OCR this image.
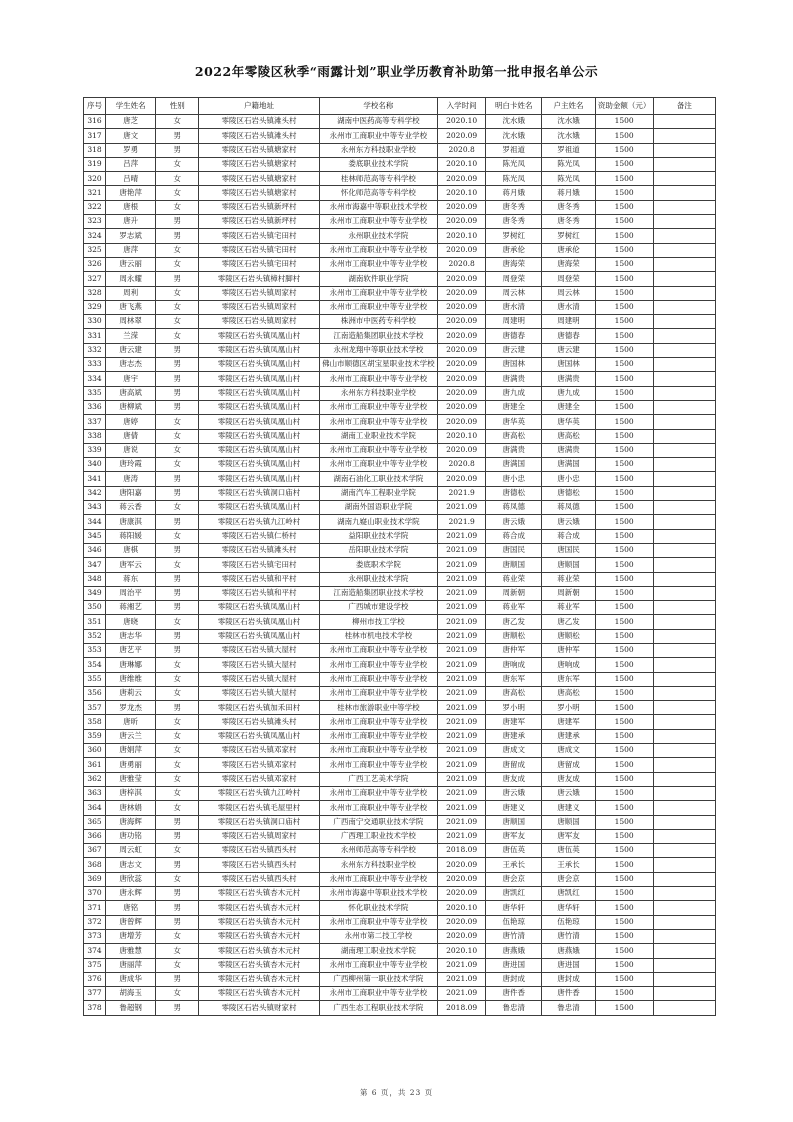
2022年零陵区秋季“雨露计划”职业学历教育补助第一批申报名单公示
序号	学生姓名	性别	户籍地址	学校名称	入学时间	明白卡姓名	户主姓名	资助金额（元）	备注
316	唐芝	女	零陵区石岩头镇滩头村	湖南中医药高等专科学校	2020.10	沈水娥	沈水娥	1500	
317	唐文	男	零陵区石岩头镇滩头村	永州市工商职业中等专业学校	2020.09	沈水娥	沈水娥	1500	
318	罗勇	男	零陵区石岩头镇塘家村	永州东方科技职业学校	2020.8	罗祖道	罗祖道	1500	
319	吕萍	女	零陵区石岩头镇塘家村	娄底职业技术学院	2020.10	陈光凤	陈光凤	1500	
320	吕晴	女	零陵区石岩头镇塘家村	桂林师范高等专科学校	2020.09	陈光凤	陈光凤	1500	
321	唐艳萍	女	零陵区石岩头镇塘家村	怀化师范高等专科学校	2020.10	蒋月娥	蒋月娥	1500	
322	唐根	女	零陵区石岩头镇新坪村	永州市海嘉中等职业技术学校	2020.09	唐冬秀	唐冬秀	1500	
323	唐升	男	零陵区石岩头镇新坪村	永州市工商职业中等专业学校	2020.09	唐冬秀	唐冬秀	1500	
324	罗志斌	男	零陵区石岩头镇宅田村	永州职业技术学院	2020.10	罗树红	罗树红	1500	
325	唐萍	女	零陵区石岩头镇宅田村	永州市工商职业中等专业学校	2020.09	唐承伦	唐承伦	1500	
326	唐云丽	女	零陵区石岩头镇宅田村	永州市工商职业中等专业学校	2020.8	唐海荣	唐海荣	1500	
327	周永耀	男	零陵区石岩头镇樟村脚村	湖南软件职业学院	2020.09	周登荣	周登荣	1500	
328	周利	女	零陵区石岩头镇周家村	永州市工商职业中等专业学校	2020.09	周云林	周云林	1500	
329	唐飞燕	女	零陵区石岩头镇周家村	永州市工商职业中等专业学校	2020.09	唐水清	唐水清	1500	
330	周林翠	女	零陵区石岩头镇周家村	株洲市中医药专科学校	2020.09	周建明	周建明	1500	
331	兰溁	女	零陵区石岩头镇凤凰山村	江南造船集团职业技术学校	2020.09	唐德春	唐德春	1500	
332	唐云建	男	零陵区石岩头镇凤凰山村	永州龙翔中等职业技术学校	2020.09	唐云建	唐云建	1500	
333	唐志杰	男	零陵区石岩头镇凤凰山村	佛山市顺德区胡宝星职业技术学校	2020.09	唐国林	唐国林	1500	
334	唐宇	男	零陵区石岩头镇凤凰山村	永州市工商职业中等专业学校	2020.09	唐满贵	唐满贵	1500	
335	唐高斌	男	零陵区石岩头镇凤凰山村	永州东方科技职业学校	2020.09	唐九成	唐九成	1500	
336	唐柳斌	男	零陵区石岩头镇凤凰山村	永州市工商职业中等专业学校	2020.09	唐建全	唐建全	1500	
337	唐婷	女	零陵区石岩头镇凤凰山村	永州市工商职业中等专业学校	2020.09	唐华英	唐华英	1500	
338	唐倩	女	零陵区石岩头镇凤凰山村	湖南工业职业技术学院	2020.10	唐高松	唐高松	1500	
339	唐说	女	零陵区石岩头镇凤凰山村	永州市工商职业中等专业学校	2020.09	唐满贵	唐满贵	1500	
340	唐玲霞	女	零陵区石岩头镇凤凰山村	永州市工商职业中等专业学校	2020.8	唐满国	唐满国	1500	
341	唐涛	男	零陵区石岩头镇凤凰山村	湖南石油化工职业技术学院	2020.09	唐小忠	唐小忠	1500	
342	唐阳嘉	男	零陵区石岩头镇洞口庙村	湖南汽车工程职业学院	2021.9	唐德松	唐德松	1500	
343	蒋云香	女	零陵区石岩头镇凤凰山村	湖南外国语职业学院	2021.09	蒋凤德	蒋凤德	1500	
344	唐康淇	男	零陵区石岩头镇九江岭村	湖南九嶷山职业技术学院	2021.9	唐云娥	唐云娥	1500	
345	蒋阳媛	女	零陵区石岩头镇仁桥村	益阳职业技术学院	2021.09	蒋合成	蒋合成	1500	
346	唐棋	男	零陵区石岩头镇滩头村	岳阳职业技术学院	2021.09	唐国民	唐国民	1500	
347	唐军云	女	零陵区石岩头镇宅田村	娄底职术学院	2021.09	唐顺国	唐顺国	1500	
348	蒋东	男	零陵区石岩头镇和平村	永州职业技术学院	2021.09	蒋业荣	蒋业荣	1500	
349	周治平	男	零陵区石岩头镇和平村	江南造船集团职业技术学校	2021.09	周新朝	周新朝	1500	
350	蒋湘艺	男	零陵区石岩头镇凤凰山村	广西城市建设学校	2021.09	蒋业军	蒋业军	1500	
351	唐晓	女	零陵区石岩头镇凤凰山村	柳州市技工学校	2021.09	唐乙发	唐乙发	1500	
352	唐志华	男	零陵区石岩头镇凤凰山村	桂林市机电技术学校	2021.09	唐顺松	唐顺松	1500	
353	唐艺平	男	零陵区石岩头镇大屋村	永州市工商职业中等专业学校	2021.09	唐仲军	唐仲军	1500	
354	唐琳娜	女	零陵区石岩头镇大屋村	永州市工商职业中等专业学校	2021.09	唐响成	唐响成	1500	
355	唐维维	女	零陵区石岩头镇大屋村	永州市工商职业中等专业学校	2021.09	唐东军	唐东军	1500	
356	唐莉云	女	零陵区石岩头镇大屋村	永州市工商职业中等专业学校	2021.09	唐高松	唐高松	1500	
357	罗龙杰	男	零陵区石岩头镇加禾田村	桂林市旅游职业中等学校	2021.09	罗小明	罗小明	1500	
358	唐昕	女	零陵区石岩头镇滩头村	永州市工商职业中等专业学校	2021.09	唐建军	唐建军	1500	
359	唐云兰	女	零陵区石岩头镇凤凰山村	永州市工商职业中等专业学校	2021.09	唐建承	唐建承	1500	
360	唐娟萍	女	零陵区石岩头镇邓家村	永州市工商职业中等专业学校	2021.09	唐成文	唐成文	1500	
361	唐勇丽	女	零陵区石岩头镇邓家村	永州市工商职业中等专业学校	2021.09	唐留成	唐留成	1500	
362	唐雅莹	女	零陵区石岩头镇邓家村	广西工艺美术学院	2021.09	唐友成	唐友成	1500	
363	唐梓淇	女	零陵区石岩头镇九江岭村	永州市工商职业中等专业学校	2021.09	唐云娥	唐云娥	1500	
364	唐林娟	女	零陵区石岩头镇毛屋里村	永州市工商职业中等专业学校	2021.09	唐建义	唐建义	1500	
365	唐海辉	男	零陵区石岩头镇洞口庙村	广西南宁交通职业技术学院	2021.09	唐顺国	唐顺国	1500	
366	唐功铭	男	零陵区石岩头镇周家村	广西理工职业技术学校	2021.09	唐军友	唐军友	1500	
367	周云虹	女	零陵区石岩头镇西头村	永州师范高等专科学校	2018.09	唐伍英	唐伍英	1500	
368	唐志文	男	零陵区石岩头镇西头村	永州东方科技职业学校	2020.09	王承长	王承长	1500	
369	唐欣蕊	女	零陵区石岩头镇西头村	永州市工商职业中等专业学校	2020.09	唐会京	唐会京	1500	
370	唐永辉	男	零陵区石岩头镇杏木元村	永州市海嘉中等职业技术学校	2020.09	唐凯红	唐凯红	1500	
371	唐铭	男	零陵区石岩头镇杏木元村	怀化职业技术学院	2020.10	唐华轩	唐华轩	1500	
372	唐曾辉	男	零陵区石岩头镇杏木元村	永州市工商职业中等专业学校	2020.09	伍艳琼	伍艳琼	1500	
373	唐增芳	女	零陵区石岩头镇杏木元村	永州市第二技工学校	2020.09	唐竹清	唐竹清	1500	
374	唐雅慧	女	零陵区石岩头镇杏木元村	湖南理工职业技术学院	2020.10	唐燕娥	唐燕娥	1500	
375	唐丽萍	女	零陵区石岩头镇杏木元村	永州市工商职业中等专业学校	2021.09	唐进国	唐进国	1500	
376	唐成华	男	零陵区石岩头镇杏木元村	广西柳州第一职业技术学院	2021.09	唐封成	唐封成	1500	
377	胡海玉	女	零陵区石岩头镇杏木元村	永州市工商职业中等专业学校	2021.09	唐件香	唐件香	1500	
378	鲁超钢	男	零陵区石岩头镇财家村	广西生态工程职业技术学院	2018.09	鲁忠清	鲁忠清	1500	
第 6 页，共 23 页
